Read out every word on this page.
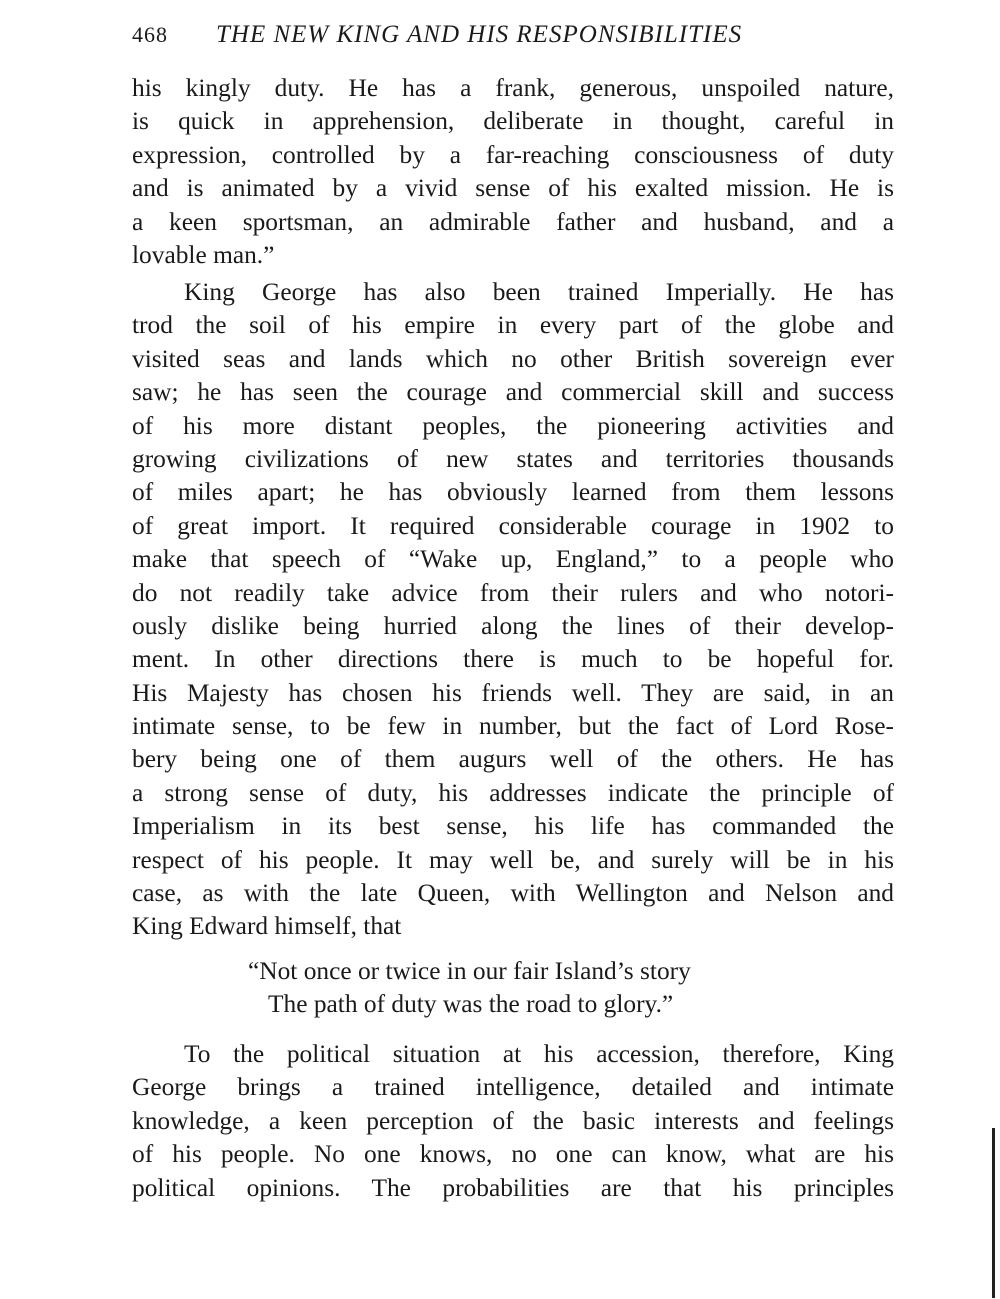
468 THE NEW KING AND HIS RESPONSIBILITIES
his kingly duty. He has a frank, generous, unspoiled nature,
is quick in apprehension, deliberate in thought, careful in
expression, controlled by a far-reaching consciousness of duty
and is animated by a vivid sense of his exalted mission. He is
a keen sportsman, an admirable father and husband, and a
lovable man.”
King George has also been trained Imperially. He has
trod the soil of his empire in every part of the globe and
visited seas and lands which no other British sovereign ever
saw; he has seen the courage and commercial skill and success
of his more distant peoples, the pioneering activities and
growing civilizations of new states and territories thousands
of miles apart; he has obviously learned from them lessons
of great import. It required considerable courage in 1902 to
make that speech of “Wake up, England,” to a people who
do not readily take advice from their rulers and who notori-
ously dislike being hurried along the lines of their develop-
ment. In other directions there is much to be hopeful for.
His Majesty has chosen his friends well. They are said, in an
intimate sense, to be few in number, but the fact of Lord Rose-
bery being one of them augurs well of the others. He has
a strong sense of duty, his addresses indicate the principle of
Imperialism in its best sense, his life has commanded the
respect of his people. It may well be, and surely will be in his
case, as with the late Queen, with Wellington and Nelson and
King Edward himself, that
“Not once or twice in our fair Island’s story
The path of duty was the road to glory.”
To the political situation at his accession, therefore, King
George brings a trained intelligence, detailed and intimate
knowledge, a keen perception of the basic interests and feelings
of his people. No one knows, no one can know, what are his
political opinions. The probabilities are that his principles
